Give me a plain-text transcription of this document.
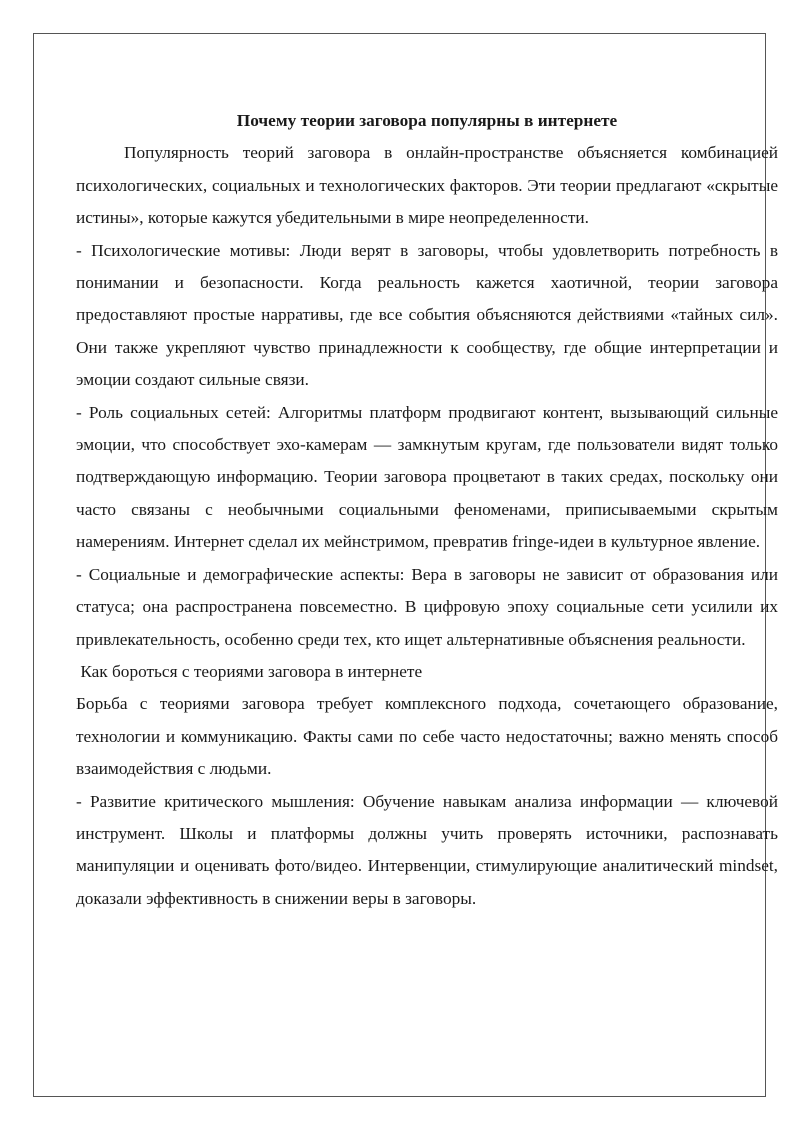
Почему теории заговора популярны в интернете

Популярность теорий заговора в онлайн-пространстве объясняется комбинацией психологических, социальных и технологических факторов. Эти теории предлагают «скрытые истины», которые кажутся убедительными в мире неопределенности.

- Психологические мотивы: Люди верят в заговоры, чтобы удовлетворить потребность в понимании и безопасности. Когда реальность кажется хаотичной, теории заговора предоставляют простые нарративы, где все события объясняются действиями «тайных сил». Они также укрепляют чувство принадлежности к сообществу, где общие интерпретации и эмоции создают сильные связи.

- Роль социальных сетей: Алгоритмы платформ продвигают контент, вызывающий сильные эмоции, что способствует эхо-камерам — замкнутым кругам, где пользователи видят только подтверждающую информацию. Теории заговора процветают в таких средах, поскольку они часто связаны с необычными социальными феноменами, приписываемыми скрытым намерениям. Интернет сделал их мейнстримом, превратив fringe-идеи в культурное явление.

- Социальные и демографические аспекты: Вера в заговоры не зависит от образования или статуса; она распространена повсеместно. В цифровую эпоху социальные сети усилили их привлекательность, особенно среди тех, кто ищет альтернативные объяснения реальности.

Как бороться с теориями заговора в интернете

Борьба с теориями заговора требует комплексного подхода, сочетающего образование, технологии и коммуникацию. Факты сами по себе часто недостаточны; важно менять способ взаимодействия с людьми.

- Развитие критического мышления: Обучение навыкам анализа информации — ключевой инструмент. Школы и платформы должны учить проверять источники, распознавать манипуляции и оценивать фото/видео. Интервенции, стимулирующие аналитический mindset, доказали эффективность в снижении веры в заговоры.
